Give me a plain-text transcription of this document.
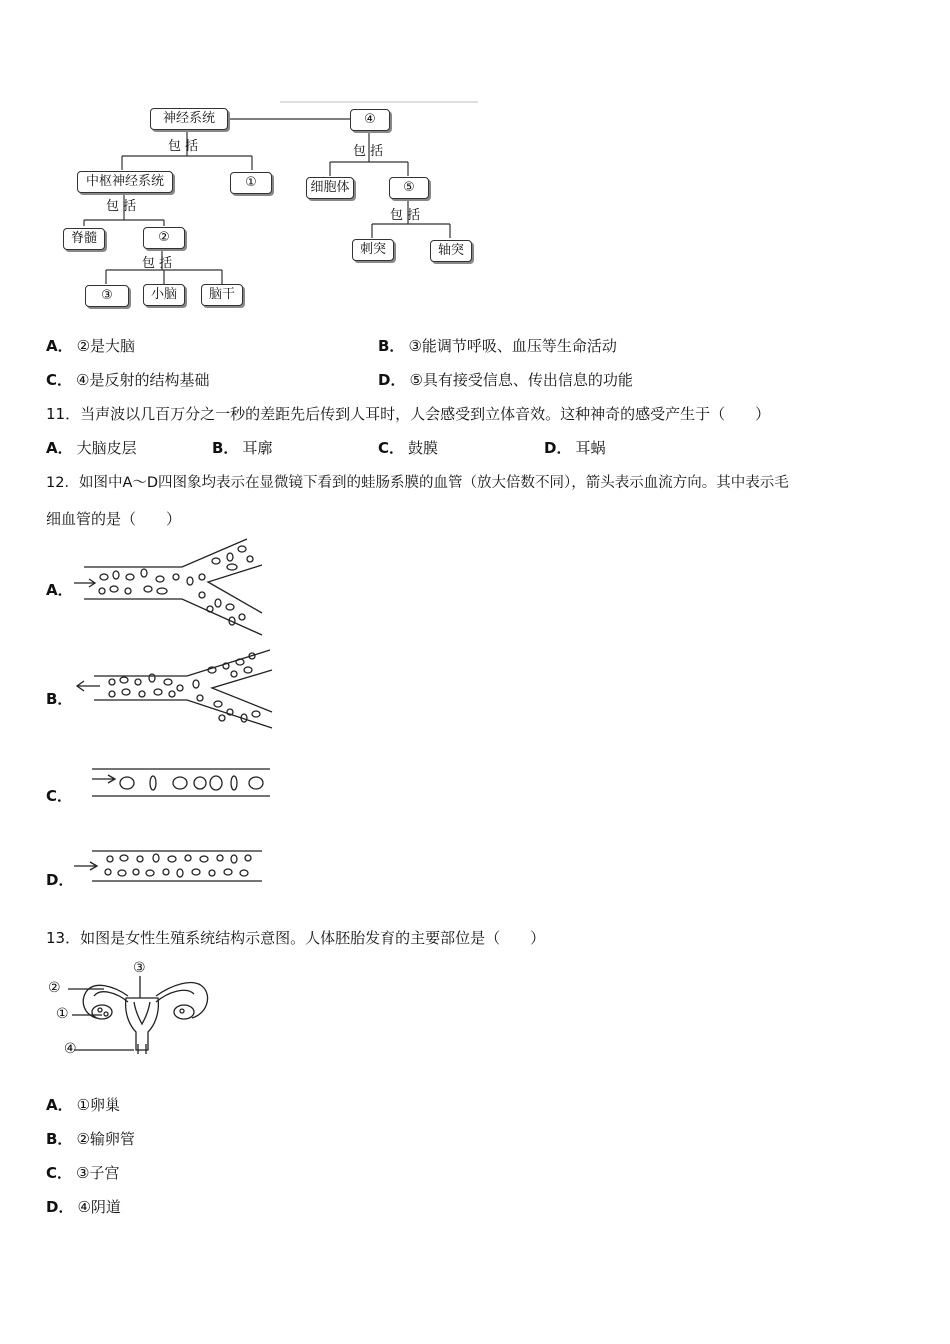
神经系统	④
包 括	包 括
中枢神经系统	①	细胞体	⑤
包 括
包 括
脊髓	②
刺突	轴突
包 括
③	小脑	脑干
A． ②是大脑	B． ③能调节呼吸、血压等生命活动
C． ④是反射的结构基础	D． ⑤具有接受信息、传出信息的功能
11．当声波以几百万分之一秒的差距先后传到人耳时，人会感受到立体音效。这种神奇的感受产生于（　　）
A． 大脑皮层	B． 耳廓	C． 鼓膜	D． 耳蜗
12．如图中A～D四图象均表示在显微镜下看到的蛙肠系膜的血管（放大倍数不同），箭头表示血流方向。其中表示毛
细血管的是（　　）
A．
B．
C．
D．
13．如图是女性生殖系统结构示意图。人体胚胎发育的主要部位是（　　）
②
①
③
④
A． ①卵巢
B． ②输卵管
C． ③子宫
D． ④阴道
